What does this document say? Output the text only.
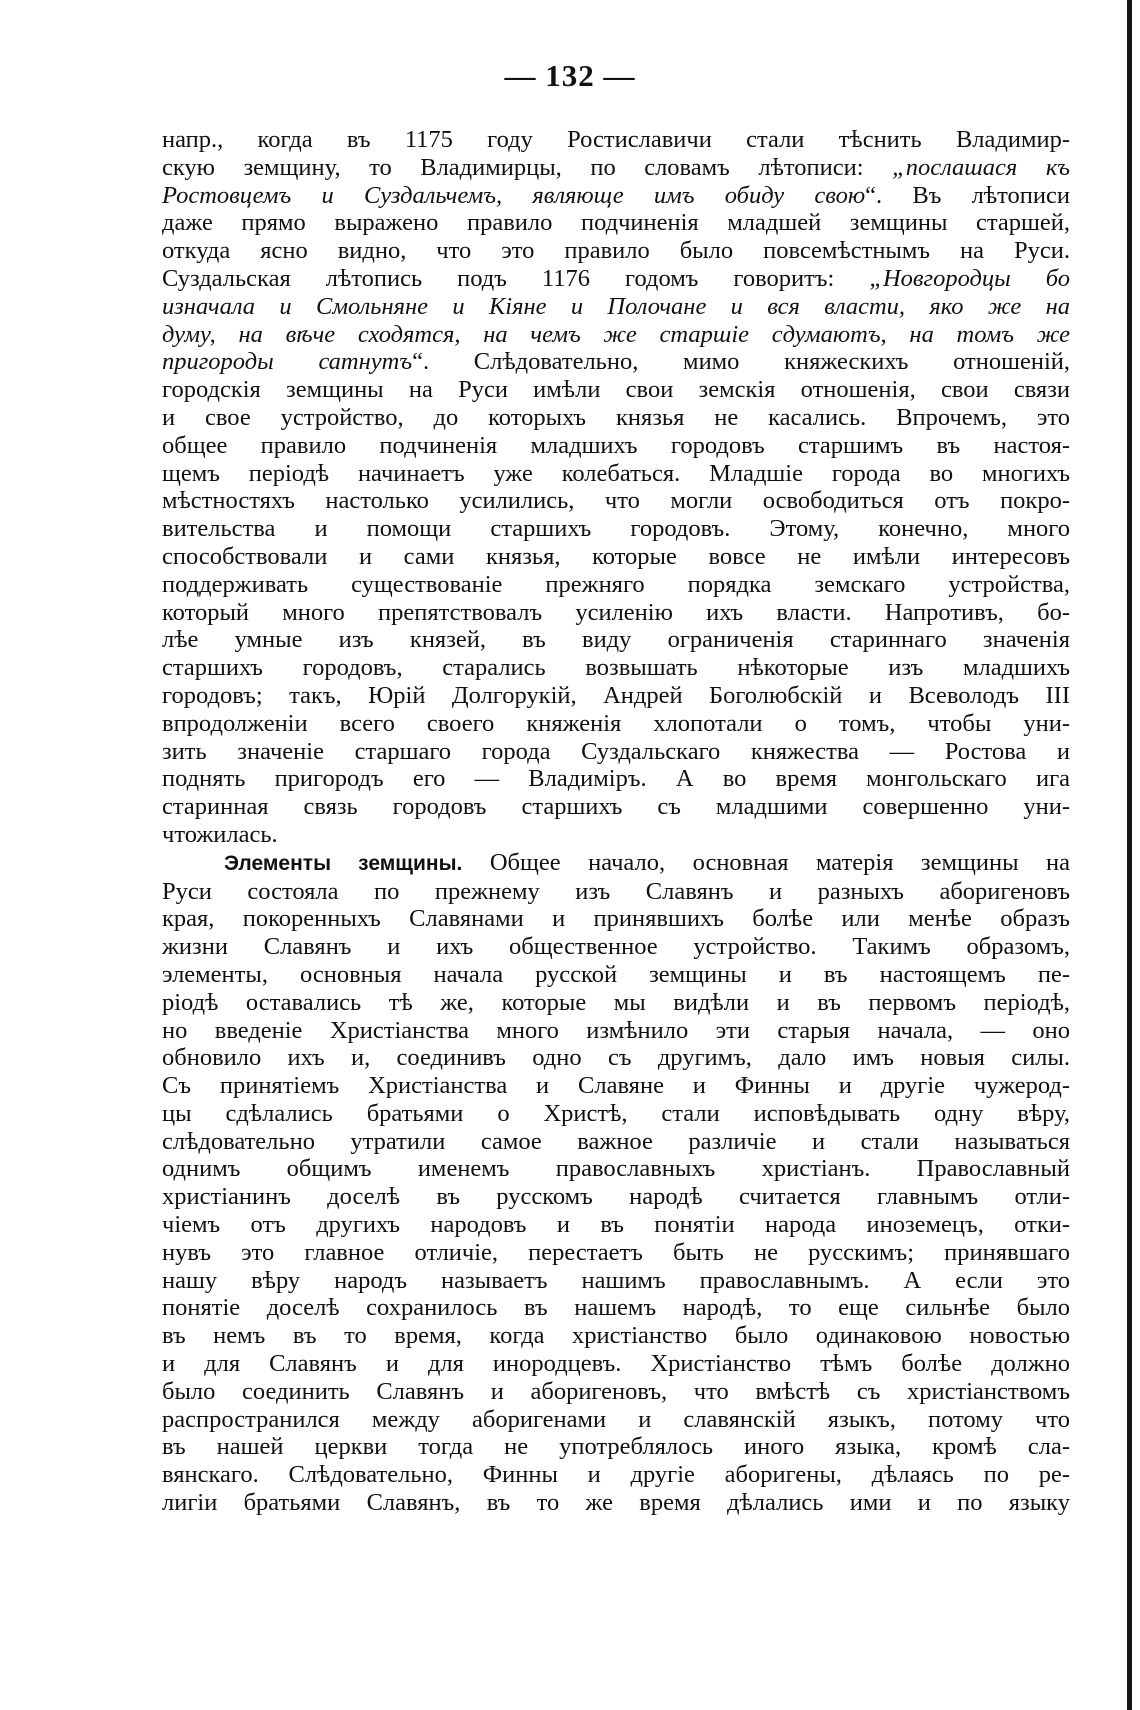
— 132 —
напр., когда въ 1175 году Ростиславичи стали тѣснить Владимир-
скую земщину, то Владимирцы, по словамъ лѣтописи: „послашася къ
Ростовцемъ и Суздальчемъ, являюще имъ обиду свою“. Въ лѣтописи
даже прямо выражено правило подчиненія младшей земщины старшей,
откуда ясно видно, что это правило было повсемѣстнымъ на Руси.
Суздальская лѣтопись подъ 1176 годомъ говоритъ: „Новгородцы бо
изначала и Смольняне и Кіяне и Полочане и вся власти, яко же на
думу, на вѣче сходятся, на чемъ же старшіе сдумаютъ, на томъ же
пригороды сатнутъ“. Слѣдовательно, мимо княжескихъ отношеній,
городскія земщины на Руси имѣли свои земскія отношенія, свои связи
и свое устройство, до которыхъ князья не касались. Впрочемъ, это
общее правило подчиненія младшихъ городовъ старшимъ въ настоя-
щемъ періодѣ начинаетъ уже колебаться. Младшіе города во многихъ
мѣстностяхъ настолько усилились, что могли освободиться отъ покро-
вительства и помощи старшихъ городовъ. Этому, конечно, много
способствовали и сами князья, которые вовсе не имѣли интересовъ
поддерживать существованіе прежняго порядка земскаго устройства,
который много препятствовалъ усиленію ихъ власти. Напротивъ, бо-
лѣе умные изъ князей, въ виду ограниченія стариннаго значенія
старшихъ городовъ, старались возвышать нѣкоторые изъ младшихъ
городовъ; такъ, Юрій Долгорукій, Андрей Боголюбскій и Всеволодъ III
впродолженіи всего своего княженія хлопотали о томъ, чтобы уни-
зить значеніе старшаго города Суздальскаго княжества — Ростова и
поднять пригородъ его — Владиміръ. А во время монгольскаго ига
старинная связь городовъ старшихъ съ младшими совершенно уни-
чтожилась.
Элементы земщины. Общее начало, основная матерія земщины на
Руси состояла по прежнему изъ Славянъ и разныхъ аборигеновъ
края, покоренныхъ Славянами и принявшихъ болѣе или менѣе образъ
жизни Славянъ и ихъ общественное устройство. Такимъ образомъ,
элементы, основныя начала русской земщины и въ настоящемъ пе-
ріодѣ оставались тѣ же, которые мы видѣли и въ первомъ періодѣ,
но введеніе Христіанства много измѣнило эти старыя начала, — оно
обновило ихъ и, соединивъ одно съ другимъ, дало имъ новыя силы.
Съ принятіемъ Христіанства и Славяне и Финны и другіе чужерод-
цы сдѣлались братьями о Христѣ, стали исповѣдывать одну вѣру,
слѣдовательно утратили самое важное различіе и стали называться
однимъ общимъ именемъ православныхъ христіанъ. Православный
христіанинъ доселѣ въ русскомъ народѣ считается главнымъ отли-
чіемъ отъ другихъ народовъ и въ понятіи народа иноземецъ, отки-
нувъ это главное отличіе, перестаетъ быть не русскимъ; принявшаго
нашу вѣру народъ называетъ нашимъ православнымъ. А если это
понятіе доселѣ сохранилось въ нашемъ народѣ, то еще сильнѣе было
въ немъ въ то время, когда христіанство было одинаковою новостью
и для Славянъ и для инородцевъ. Христіанство тѣмъ болѣе должно
было соединить Славянъ и аборигеновъ, что вмѣстѣ съ христіанствомъ
распространился между аборигенами и славянскій языкъ, потому что
въ нашей церкви тогда не употреблялось иного языка, кромѣ сла-
вянскаго. Слѣдовательно, Финны и другіе аборигены, дѣлаясь по ре-
лигіи братьями Славянъ, въ то же время дѣлались ими и по языку
